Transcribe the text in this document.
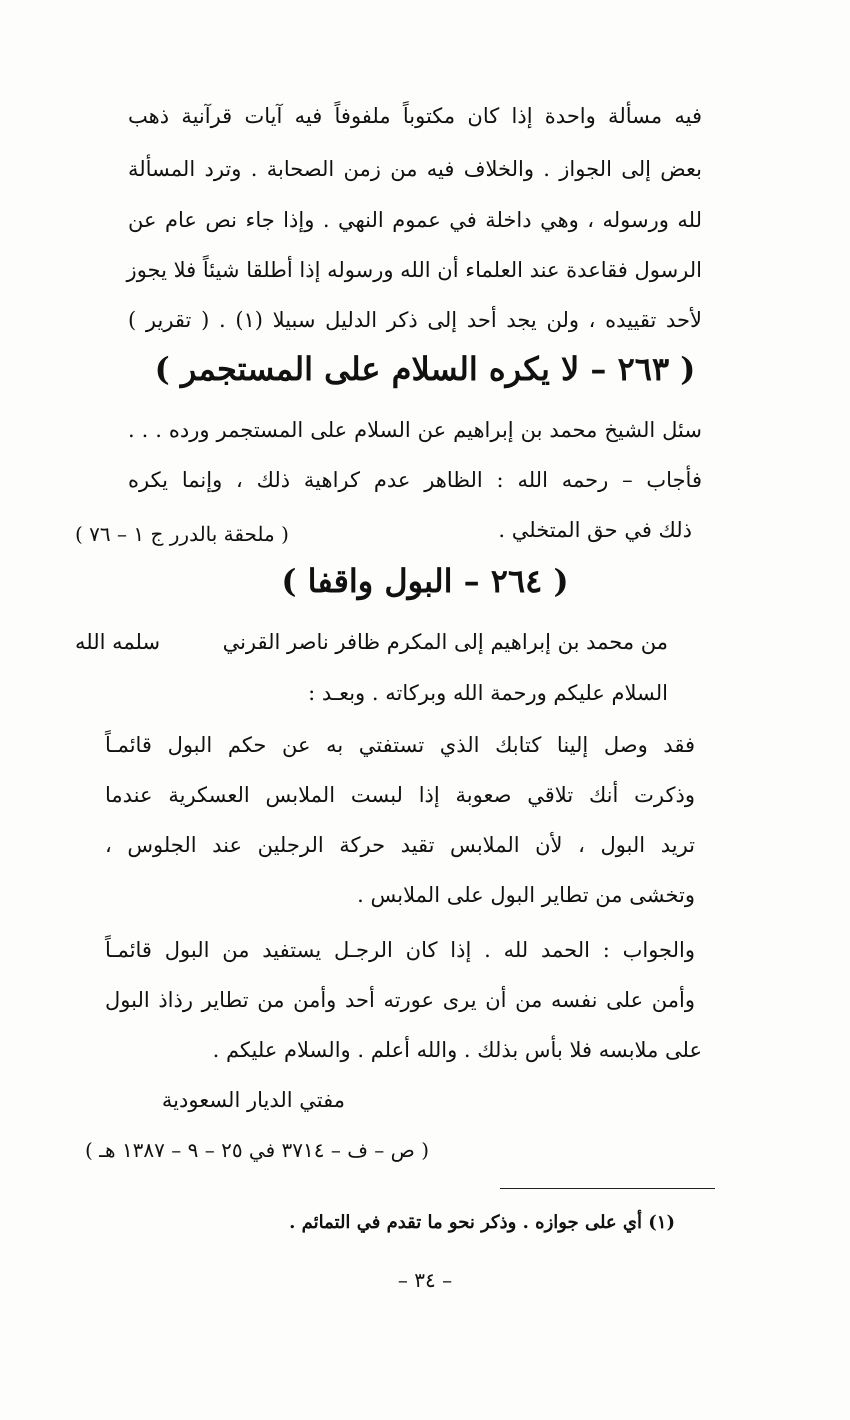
فيه مسألة واحدة إذا كان مكتوباً ملفوفاً فيه آيات قرآنية ذهب
بعض إلى الجواز . والخلاف فيه من زمن الصحابة . وترد المسألة
لله ورسوله ، وهي داخلة في عموم النهي . وإذا جاء نص عام عن
الرسول فقاعدة عند العلماء أن الله ورسوله إذا أطلقا شيئاً فلا يجوز
لأحد تقييده ، ولن يجد أحد إلى ذكر الدليل سبيلا (١) . ( تقرير )
( ٢٦٣ – لا يكره السلام على المستجمر )
سئل الشيخ محمد بن إبراهيم عن السلام على المستجمر ورده . . .
فأجاب – رحمه الله : الظاهر عدم كراهية ذلك ، وإنما يكره
ذلك في حق المتخلي .
( ملحقة بالدرر ج ١ – ٧٦ )
( ٢٦٤ – البول واقفا )
من محمد بن إبراهيم إلى المكرم ظافر ناصر القرني
سلمه الله
السلام عليكم ورحمة الله وبركاته . وبعـد :
فقد وصل إلينا كتابك الذي تستفتي به عن حكم البول قائمـاً
وذكرت أنك تلاقي صعوبة إذا لبست الملابس العسكرية عندما
تريد البول ، لأن الملابس تقيد حركة الرجلين عند الجلوس ،
وتخشى من تطاير البول على الملابس .
والجواب : الحمد لله . إذا كان الرجـل يستفيد من البول قائمـاً
وأمن على نفسه من أن يرى عورته أحد وأمن من تطاير رذاذ البول
على ملابسه فلا بأس بذلك . والله أعلم . والسلام عليكم .
مفتي الديار السعودية
( ص – ف – ٣٧١٤ في ٢٥ – ٩ – ١٣٨٧ هـ )
(١) أي على جوازه . وذكر نحو ما تقدم في التمائم .
– ٣٤ –
